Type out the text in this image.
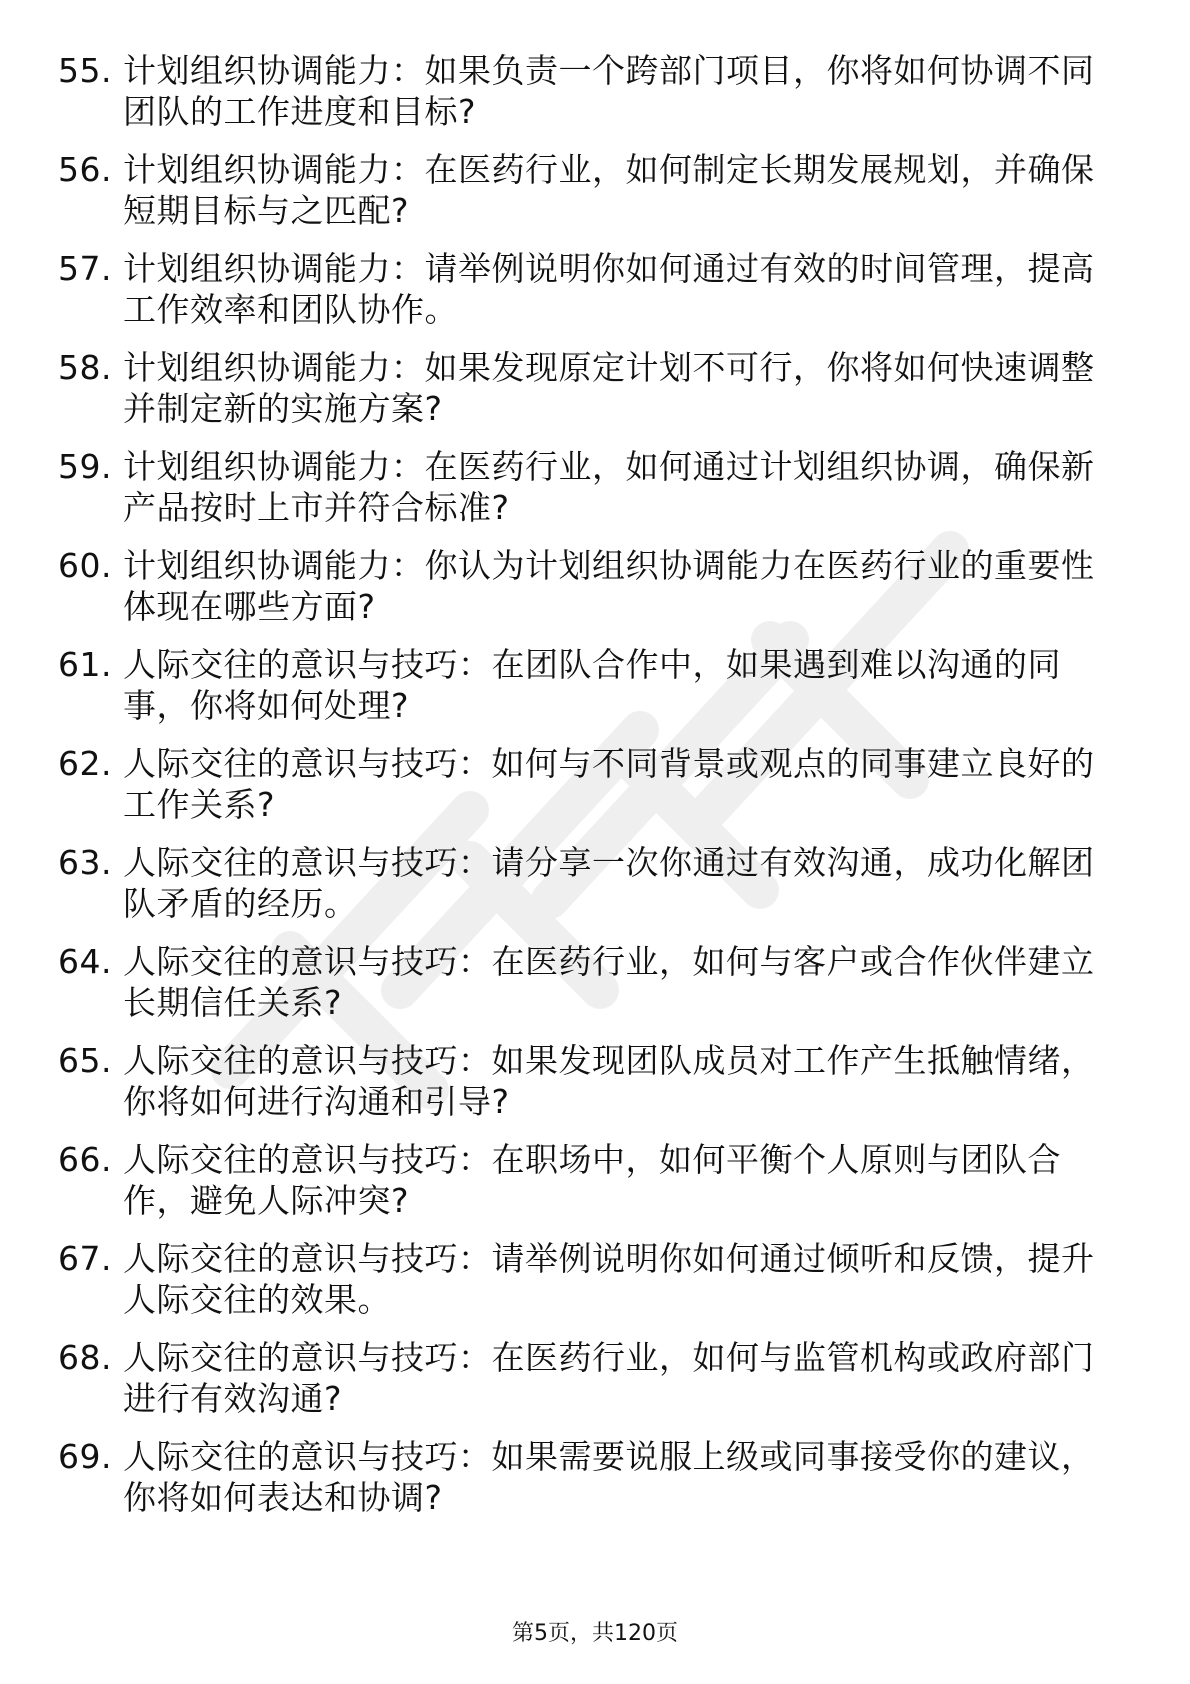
55. 计划组织协调能力：如果负责一个跨部门项目，你将如何协调不同团队的工作进度和目标?
56. 计划组织协调能力：在医药行业，如何制定长期发展规划，并确保短期目标与之匹配?
57. 计划组织协调能力：请举例说明你如何通过有效的时间管理，提高工作效率和团队协作。
58. 计划组织协调能力：如果发现原定计划不可行，你将如何快速调整并制定新的实施方案?
59. 计划组织协调能力：在医药行业，如何通过计划组织协调，确保新产品按时上市并符合标准?
60. 计划组织协调能力：你认为计划组织协调能力在医药行业的重要性体现在哪些方面?
61. 人际交往的意识与技巧：在团队合作中，如果遇到难以沟通的同事，你将如何处理?
62. 人际交往的意识与技巧：如何与不同背景或观点的同事建立良好的工作关系?
63. 人际交往的意识与技巧：请分享一次你通过有效沟通，成功化解团队矛盾的经历。
64. 人际交往的意识与技巧：在医药行业，如何与客户或合作伙伴建立长期信任关系?
65. 人际交往的意识与技巧：如果发现团队成员对工作产生抵触情绪，你将如何进行沟通和引导?
66. 人际交往的意识与技巧：在职场中，如何平衡个人原则与团队合作，避免人际冲突?
67. 人际交往的意识与技巧：请举例说明你如何通过倾听和反馈，提升人际交往的效果。
68. 人际交往的意识与技巧：在医药行业，如何与监管机构或政府部门进行有效沟通?
69. 人际交往的意识与技巧：如果需要说服上级或同事接受你的建议，你将如何表达和协调?
第5页，共120页
